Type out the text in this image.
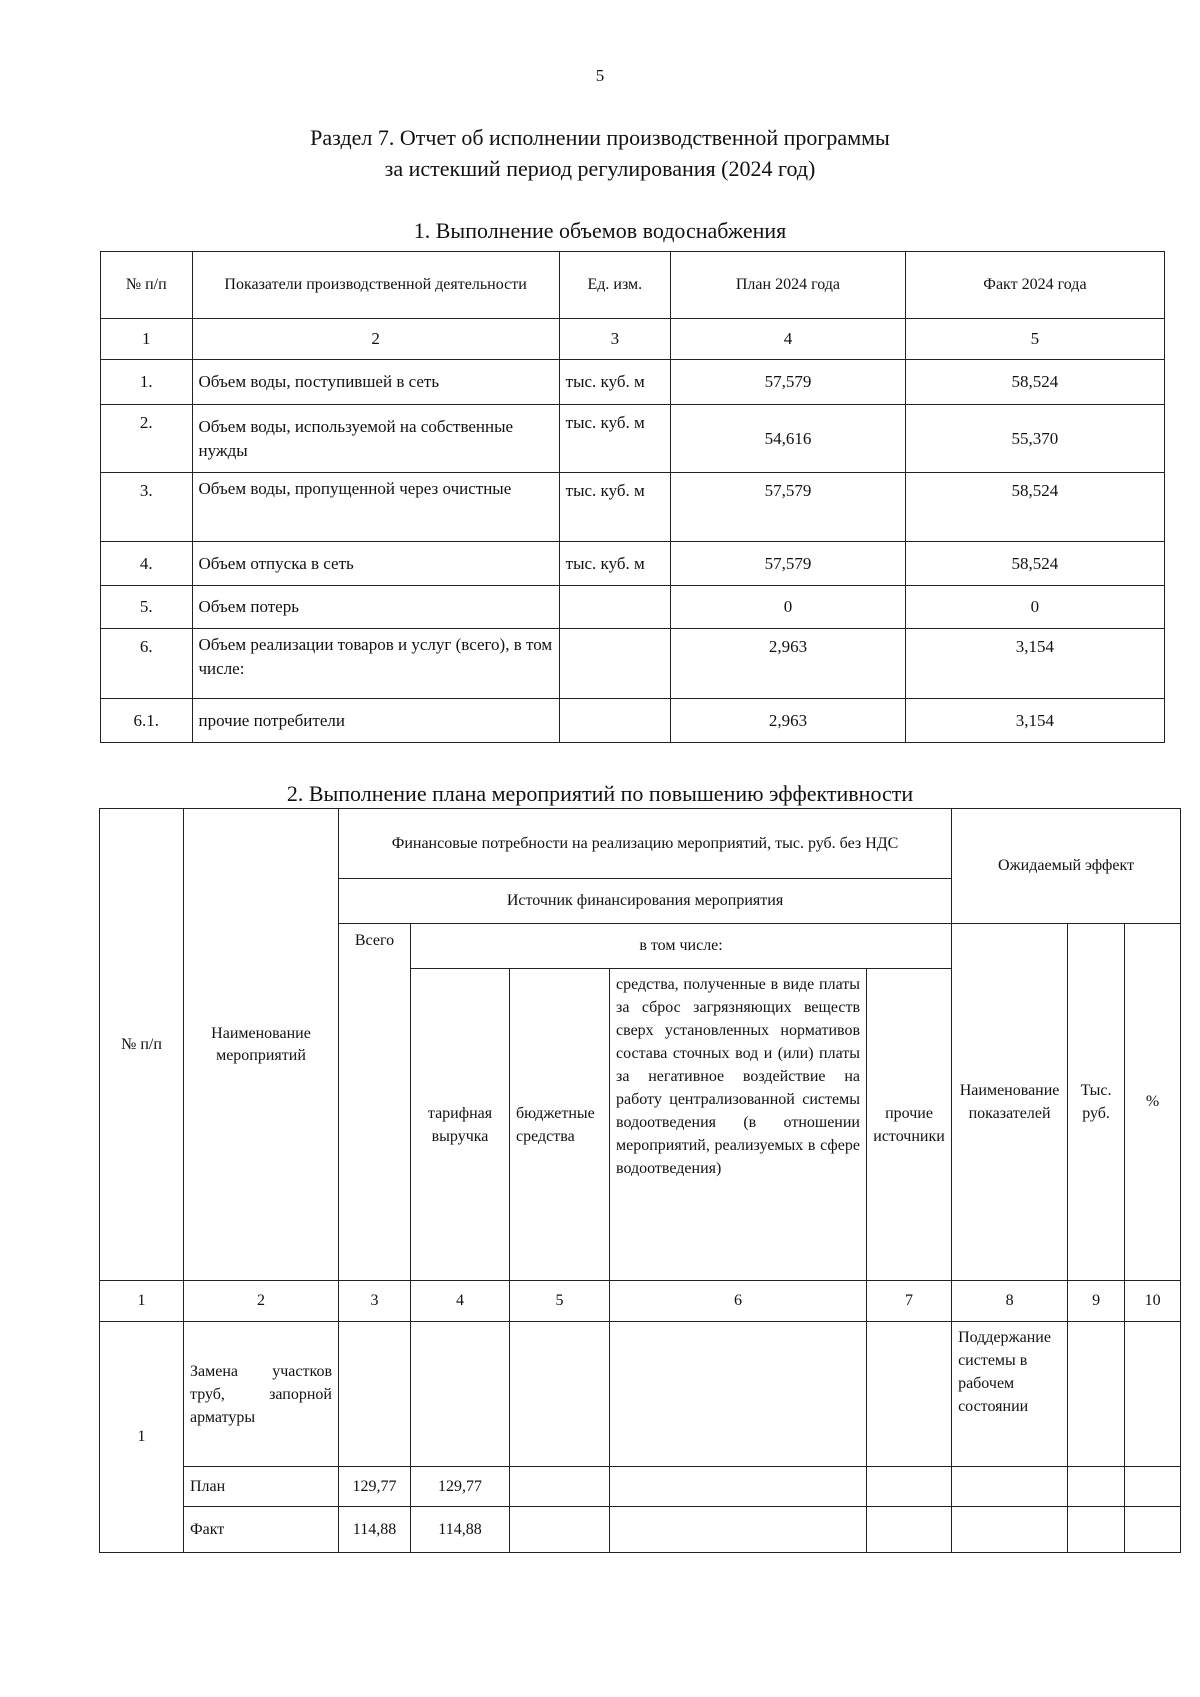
5
Раздел 7. Отчет об исполнении производственной программы
за истекший период регулирования (2024 год)
1. Выполнение объемов водоснабжения
№ п/п	Показатели производственной деятельности	Ед. изм.	План 2024 года	Факт 2024 года
1	2	3	4	5
1.	Объем воды, поступившей в сеть	тыс. куб. м	57,579	58,524
2.	Объем воды, используемой на собственные нужды	тыс. куб. м	54,616	55,370
3.	Объем воды, пропущенной через очистные	тыс. куб. м	57,579	58,524
4.	Объем отпуска в сеть	тыс. куб. м	57,579	58,524
5.	Объем потерь		0	0
6.	Объем реализации товаров и услуг (всего), в том числе:		2,963	3,154
6.1.	прочие потребители		2,963	3,154
2. Выполнение плана мероприятий по повышению эффективности
№ п/п	Наименование мероприятий	Финансовые потребности на реализацию мероприятий, тыс. руб. без НДС					Ожидаемый эффект		
		Источник финансирования мероприятия							
		Всего	в том числе:				Наименование показателей	Тыс. руб.	%
			тарифная выручка	бюджетные средства	средства, полученные в виде платы за сброс загрязняющих веществ сверх установленных нормативов состава сточных вод и (или) платы за негативное воздействие на работу централизованной системы водоотведения (в отношении мероприятий, реализуемых в сфере водоотведения)	прочие источники			
1	2	3	4	5	6	7	8	9	10
1	Замена участков труб, запорной арматуры						Поддержание системы в рабочем состоянии		
	План	129,77	129,77						
	Факт	114,88	114,88						
